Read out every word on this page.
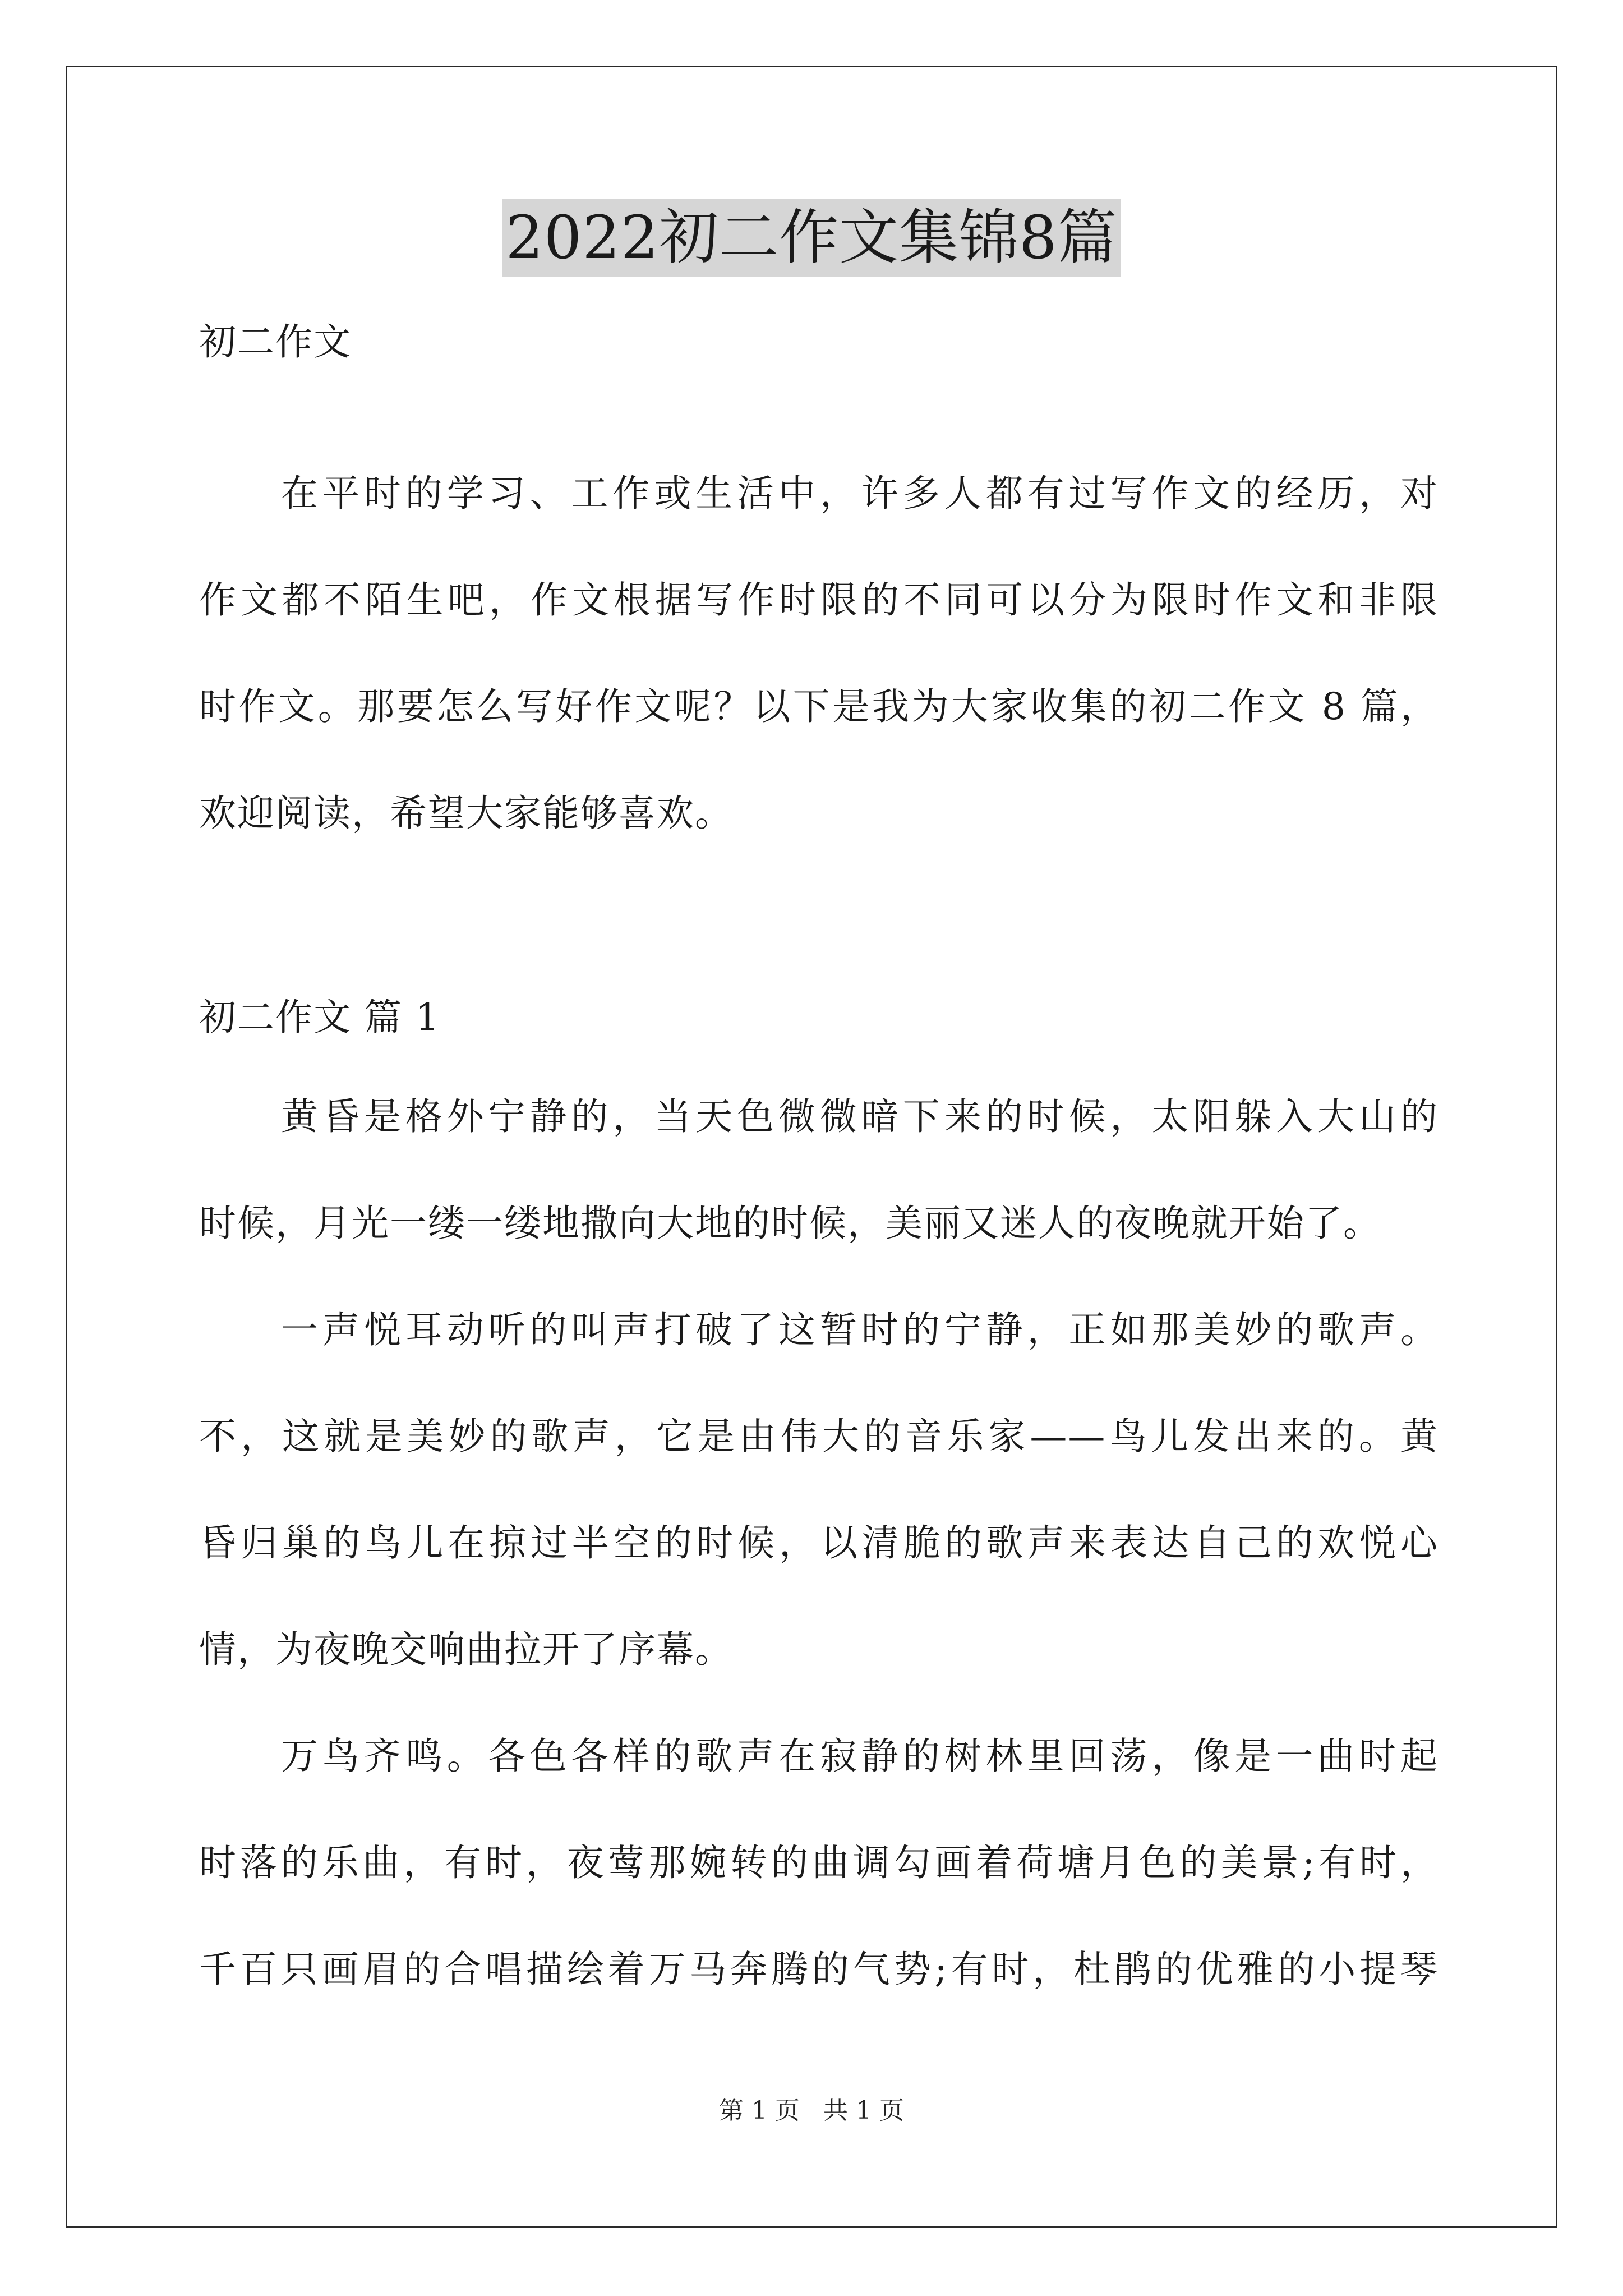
2022初二作文集锦8篇
初二作文
在平时的学习、工作或生活中，许多人都有过写作文的经历，对
作文都不陌生吧，作文根据写作时限的不同可以分为限时作文和非限
时作文。那要怎么写好作文呢？以下是我为大家收集的初二作文 8 篇，
欢迎阅读，希望大家能够喜欢。
初二作文 篇 1
黄昏是格外宁静的，当天色微微暗下来的时候，太阳躲入大山的
时候，月光一缕一缕地撒向大地的时候，美丽又迷人的夜晚就开始了。
一声悦耳动听的叫声打破了这暂时的宁静，正如那美妙的歌声。
不，这就是美妙的歌声，它是由伟大的音乐家——鸟儿发出来的。黄
昏归巢的鸟儿在掠过半空的时候，以清脆的歌声来表达自己的欢悦心
情，为夜晚交响曲拉开了序幕。
万鸟齐鸣。各色各样的歌声在寂静的树林里回荡，像是一曲时起
时落的乐曲，有时，夜莺那婉转的曲调勾画着荷塘月色的美景;有时，
千百只画眉的合唱描绘着万马奔腾的气势;有时，杜鹃的优雅的小提琴
第 1 页   共 1 页
